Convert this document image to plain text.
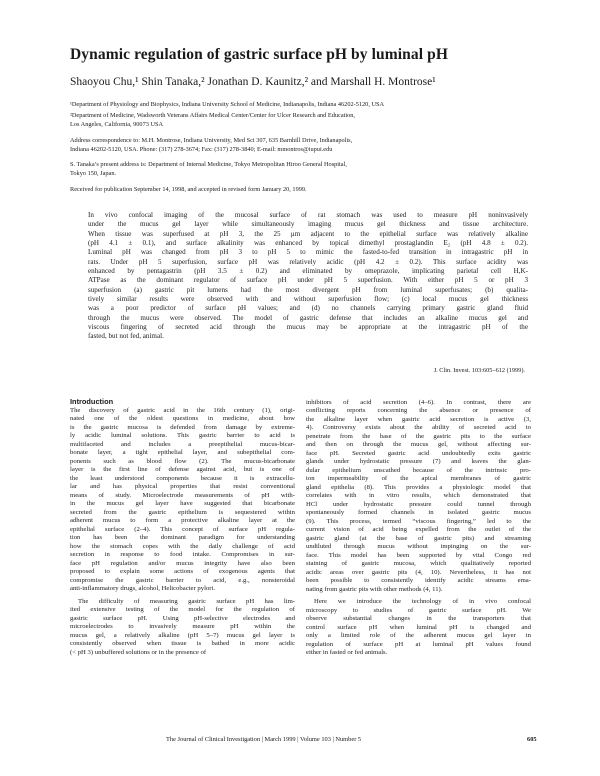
Dynamic regulation of gastric surface pH by luminal pH
Shaoyou Chu,¹ Shin Tanaka,² Jonathan D. Kaunitz,² and Marshall H. Montrose¹
¹Department of Physiology and Biophysics, Indiana University School of Medicine, Indianapolis, Indiana 46202-5120, USA
²Department of Medicine, Wadsworth Veterans Affairs Medical Center/Center for Ulcer Research and Education,
Los Angeles, California, 90073 USA
Address correspondence to: M.H. Montrose, Indiana University, Med Sci 307, 635 Barnhill Drive, Indianapolis,
Indiana 46202-5120, USA. Phone: (317) 278-3674; Fax: (317) 278-3840; E-mail: mmontros@iupui.edu
S. Tanaka’s present address is: Department of Internal Medicine, Tokyo Metropolitan Hiroo General Hospital,
Tokyo 150, Japan.
Received for publication September 14, 1998, and accepted in revised form January 20, 1999.
In vivo confocal imaging of the mucosal surface of rat stomach was used to measure pH noninvasively
under the mucus gel layer while simultaneously imaging mucus gel thickness and tissue architecture.
When tissue was superfused at pH 3, the 25 μm adjacent to the epithelial surface was relatively alkaline
(pH 4.1 ± 0.1), and surface alkalinity was enhanced by topical dimethyl prostaglandin E₂ (pH 4.8 ± 0.2).
Luminal pH was changed from pH 3 to pH 5 to mimic the fasted-to-fed transition in intragastric pH in
rats. Under pH 5 superfusion, surface pH was relatively acidic (pH 4.2 ± 0.2). This surface acidity was
enhanced by pentagastrin (pH 3.5 ± 0.2) and eliminated by omeprazole, implicating parietal cell H,K-
ATPase as the dominant regulator of surface pH under pH 5 superfusion. With either pH 5 or pH 3
superfusion (a) gastric pit lumens had the most divergent pH from luminal superfusates; (b) qualita-
tively similar results were observed with and without superfusion flow; (c) local mucus gel thickness
was a poor predictor of surface pH values; and (d) no channels carrying primary gastric gland fluid
through the mucus were observed. The model of gastric defense that includes an alkaline mucus gel and
viscous fingering of secreted acid through the mucus may be appropriate at the intragastric pH of the
fasted, but not fed, animal.
J. Clin. Invest. 103:605–612 (1999).
Introduction
The discovery of gastric acid in the 16th century (1), origi-
nated one of the oldest questions in medicine, about how
is the gastric mucosa is defended from damage by extreme-
ly acidic luminal solutions. This gastric barrier to acid is
multifaceted and includes a preepithelial mucus-bicar-
bonate layer, a tight epithelial layer, and subepithelial com-
ponents such as blood flow (2). The mucus-bicarbonate
layer is the first line of defense against acid, but is one of
the least understood components because it is extracellu-
lar and has physical properties that resist conventional
means of study. Microelectrode measurements of pH with-
in the mucus gel layer have suggested that bicarbonate
secreted from the gastric epithelium is sequestered within
adherent mucus to form a protective alkaline layer at the
epithelial surface (2–4). This concept of surface pH regula-
tion has been the dominant paradigm for understanding
how the stomach copes with the daily challenge of acid
secretion in response to food intake. Compromises in sur-
face pH regulation and/or mucus integrity have also been
proposed to explain some actions of exogenous agents that
compromise the gastric barrier to acid, e.g., nonsteroidal
anti-inflammatory drugs, alcohol, Helicobacter pylori.
The difficulty of measuring gastric surface pH has lim-
ited extensive testing of the model for the regulation of
gastric surface pH. Using pH-selective electrodes and
microelectrodes to invasively measure pH within the
mucus gel, a relatively alkaline (pH 5–7) mucus gel layer is
consistently observed when tissue is bathed in more acidic
(< pH 3) unbuffered solutions or in the presence of
inhibitors of acid secretion (4–6). In contrast, there are
conflicting reports concerning the absence or presence of
the alkaline layer when gastric acid secretion is active (3,
4). Controversy exists about the ability of secreted acid to
penetrate from the base of the gastric pits to the surface
and then on through the mucus gel, without affecting sur-
face pH. Secreted gastric acid undoubtedly exits gastric
glands under hydrostatic pressure (7) and leaves the glan-
dular epithelium unscathed because of the intrinsic pro-
ton impermeability of the apical membranes of gastric
gland epithelia (8). This provides a physiologic model that
correlates with in vitro results, which demonstrated that
HCl under hydrostatic pressure could tunnel through
spontaneously formed channels in isolated gastric mucus
(9). This process, termed “viscous fingering,” led to the
current vision of acid being expelled from the outlet of the
gastric gland (at the base of gastric pits) and streaming
undiluted through mucus without impinging on the sur-
face. This model has been supported by vital Congo red
staining of gastric mucosa, which qualitatively reported
acidic areas over gastric pits (4, 10). Nevertheless, it has not
been possible to consistently identify acidic streams ema-
nating from gastric pits with other methods (4, 11).
Here we introduce the technology of in vivo confocal
microscopy to studies of gastric surface pH. We
observe substantial changes in the transporters that
control surface pH when luminal pH is changed and
only a limited role of the adherent mucus gel layer in
regulation of surface pH at luminal pH values found
either in fasted or fed animals.
The Journal of Clinical Investigation | March 1999 | Volume 103 | Number 5	605
